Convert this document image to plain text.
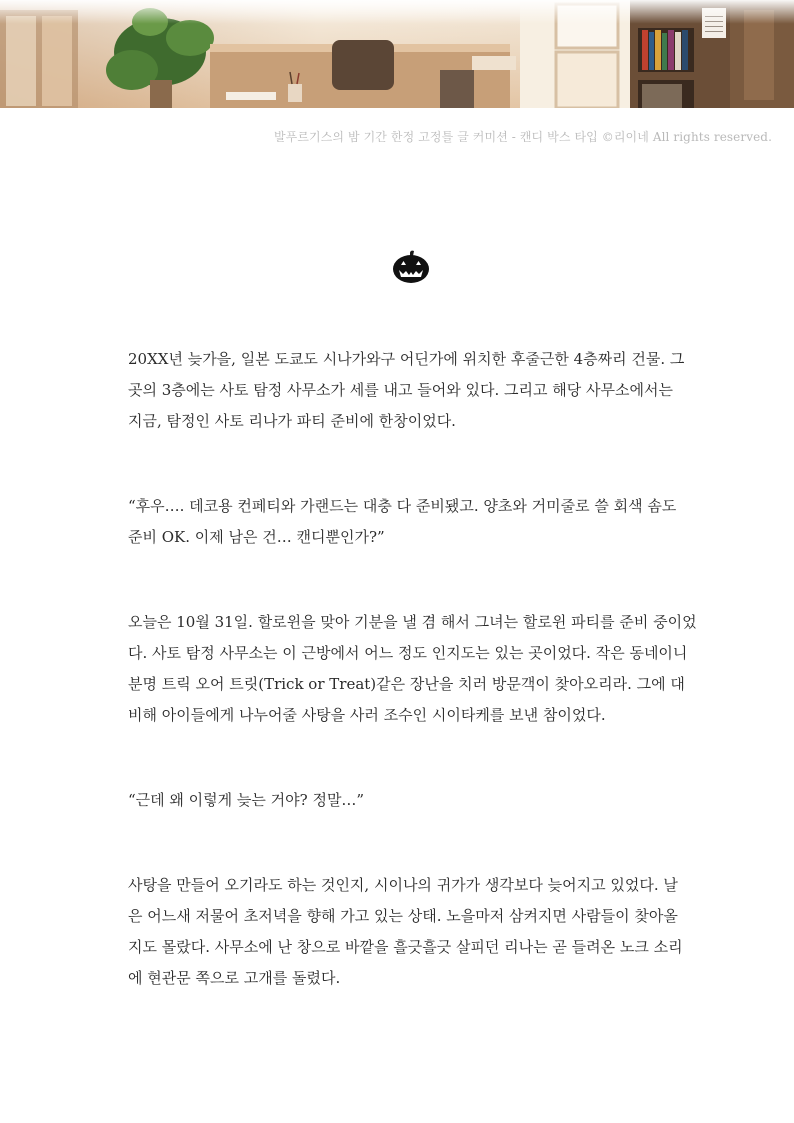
발푸르기스의 밤 기간 한정 고정틀 글 커미션 - 캔디 박스 타입 ©리이네 All rights reserved.

20XX년 늦가을, 일본 도쿄도 시나가와구 어딘가에 위치한 후줄근한 4층짜리 건물. 그
곳의 3층에는 사토 탐정 사무소가 세를 내고 들어와 있다. 그리고 해당 사무소에서는
지금, 탐정인 사토 리나가 파티 준비에 한창이었다.

“후우…. 데코용 컨페티와 가랜드는 대충 다 준비됐고. 양초와 거미줄로 쓸 회색 솜도
준비 OK. 이제 남은 건… 캔디뿐인가?”

오늘은 10월 31일. 할로윈을 맞아 기분을 낼 겸 해서 그녀는 할로윈 파티를 준비 중이었
다. 사토 탐정 사무소는 이 근방에서 어느 정도 인지도는 있는 곳이었다. 작은 동네이니
분명 트릭 오어 트릿(Trick or Treat)같은 장난을 치러 방문객이 찾아오리라. 그에 대
비해 아이들에게 나누어줄 사탕을 사러 조수인 시이타케를 보낸 참이었다.

“근데 왜 이렇게 늦는 거야? 정말…”

사탕을 만들어 오기라도 하는 것인지, 시이나의 귀가가 생각보다 늦어지고 있었다. 날
은 어느새 저물어 초저녁을 향해 가고 있는 상태. 노을마저 삼켜지면 사람들이 찾아올
지도 몰랐다. 사무소에 난 창으로 바깥을 흘긋흘긋 살피던 리나는 곧 들려온 노크 소리
에 현관문 쪽으로 고개를 돌렸다.
